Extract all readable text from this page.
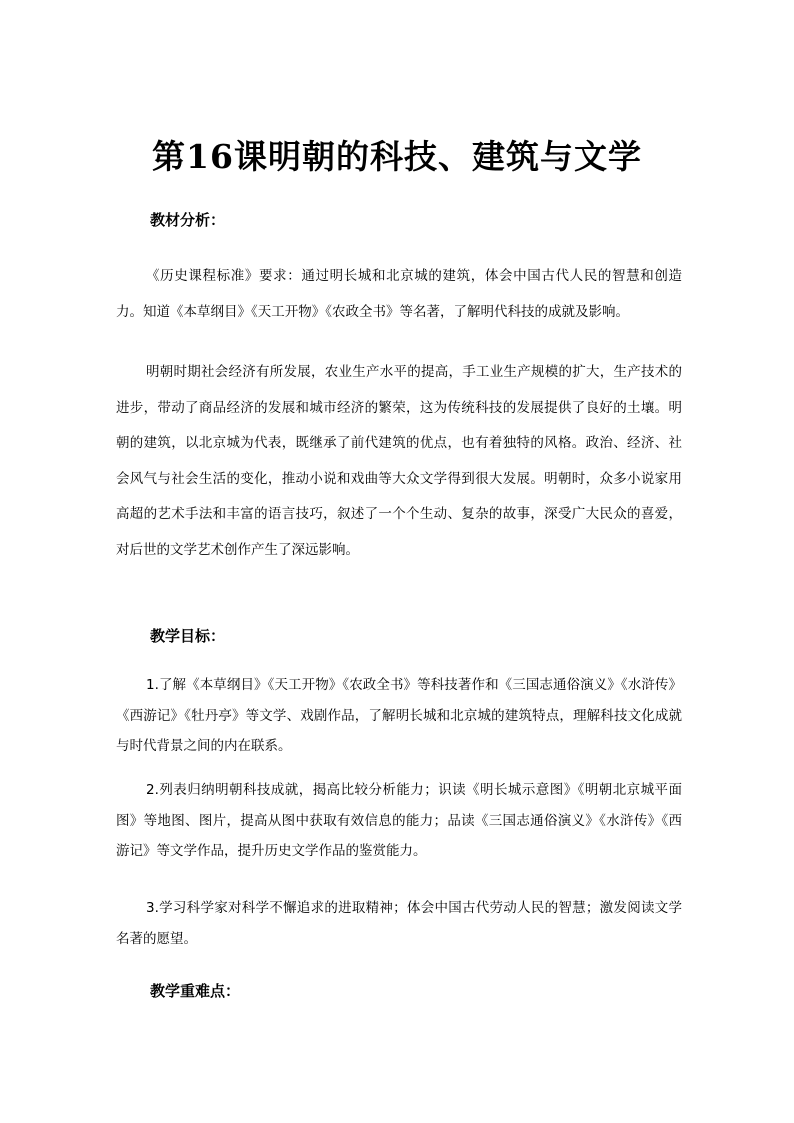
第16课明朝的科技、建筑与文学
教材分析：

《历史课程标准》要求：通过明长城和北京城的建筑，体会中国古代人民的智慧和创造力。知道《本草纲目》《天工开物》《农政全书》等名著，了解明代科技的成就及影响。

明朝时期社会经济有所发展，农业生产水平的提高，手工业生产规模的扩大，生产技术的进步，带动了商品经济的发展和城市经济的繁荣，这为传统科技的发展提供了良好的土壤。明朝的建筑，以北京城为代表，既继承了前代建筑的优点，也有着独特的风格。政治、经济、社会风气与社会生活的变化，推动小说和戏曲等大众文学得到很大发展。明朝时，众多小说家用高超的艺术手法和丰富的语言技巧，叙述了一个个生动、复杂的故事，深受广大民众的喜爱，对后世的文学艺术创作产生了深远影响。

教学目标：

1.了解《本草纲目》《天工开物》《农政全书》等科技著作和《三国志通俗演义》《水浒传》《西游记》《牡丹亭》等文学、戏剧作品，了解明长城和北京城的建筑特点，理解科技文化成就与时代背景之间的内在联系。

2.列表归纳明朝科技成就，揭高比较分析能力；识读《明长城示意图》《明朝北京城平面图》等地图、图片，提高从图中获取有效信息的能力；品读《三国志通俗演义》《水浒传》《西游记》等文学作品，提升历史文学作品的鉴赏能力。

3.学习科学家对科学不懈追求的进取精神；体会中国古代劳动人民的智慧；激发阅读文学名著的愿望。

教学重难点：
